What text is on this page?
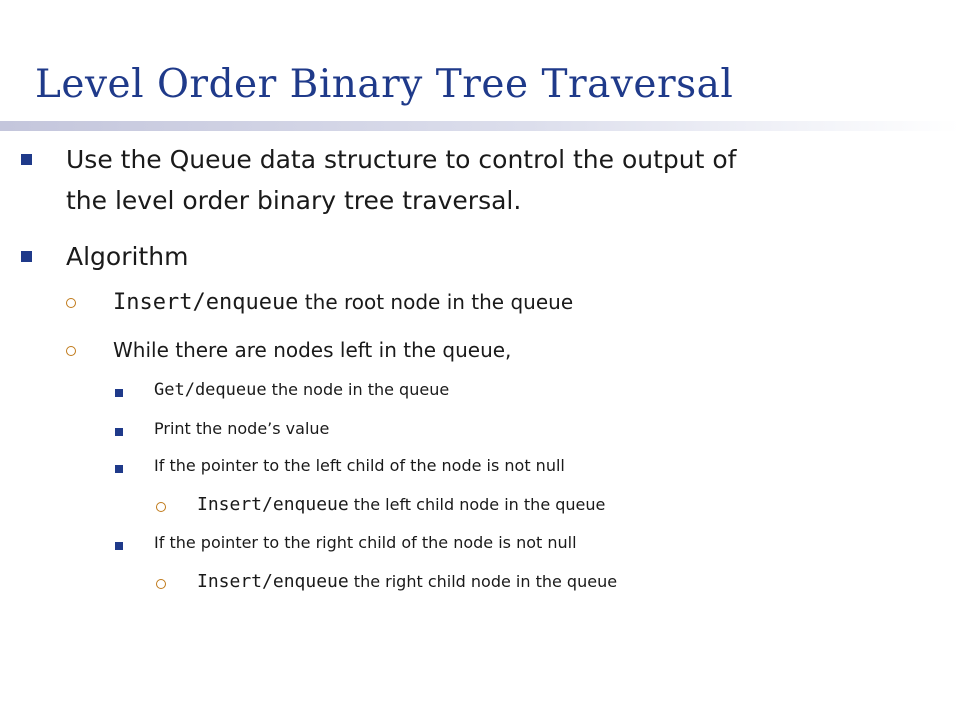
Level Order Binary Tree Traversal
Use the Queue data structure to control the output of
the level order binary tree traversal.
Algorithm
Insert/enqueue the root node in the queue
While there are nodes left in the queue,
Get/dequeue the node in the queue
Print the node’s value
If the pointer to the left child of the node is not null
Insert/enqueue the left child node in the queue
If the pointer to the right child of the node is not null
Insert/enqueue the right child node in the queue
